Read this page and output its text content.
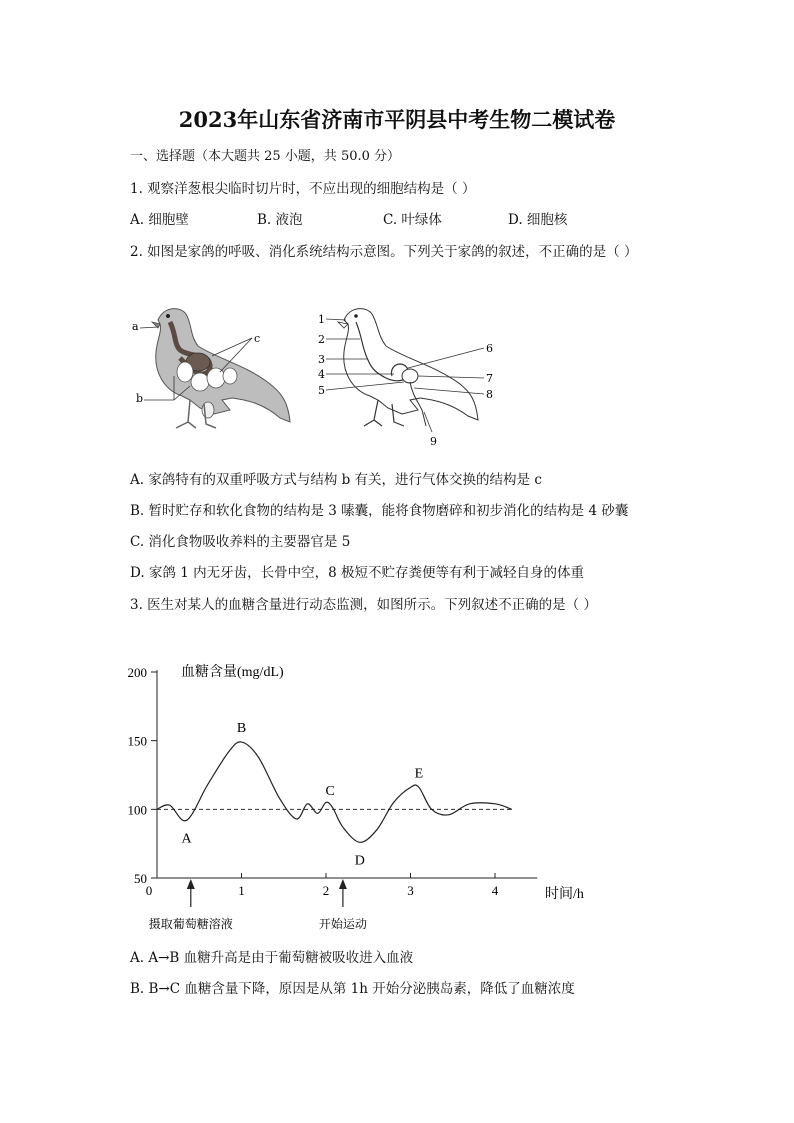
2023年山东省济南市平阴县中考生物二模试卷
一、选择题（本大题共 25 小题，共 50.0 分）
1. 观察洋葱根尖临时切片时，不应出现的细胞结构是（ ）
A. 细胞壁	B. 液泡	C. 叶绿体	D. 细胞核
2. 如图是家鸽的呼吸、消化系统结构示意图。下列关于家鸽的叙述，不正确的是（ ）
a
b
c
1
2
3
4
5
6
7
8
9
A. 家鸽特有的双重呼吸方式与结构 b 有关，进行气体交换的结构是 c
B. 暂时贮存和软化食物的结构是 3 嗉囊，能将食物磨碎和初步消化的结构是 4 砂囊
C. 消化食物吸收养料的主要器官是 5
D. 家鸽 1 内无牙齿，长骨中空，8 极短不贮存粪便等有利于减轻自身的体重
3. 医生对某人的血糖含量进行动态监测，如图所示。下列叙述不正确的是（ ）
血糖含量(mg/dL)
时间/h
200
150
100
50
0	1	2	3	4
A
B
C
D
E
摄取葡萄糖溶液	开始运动
A. A→B 血糖升高是由于葡萄糖被吸收进入血液
B. B→C 血糖含量下降，原因是从第 1h 开始分泌胰岛素，降低了血糖浓度
